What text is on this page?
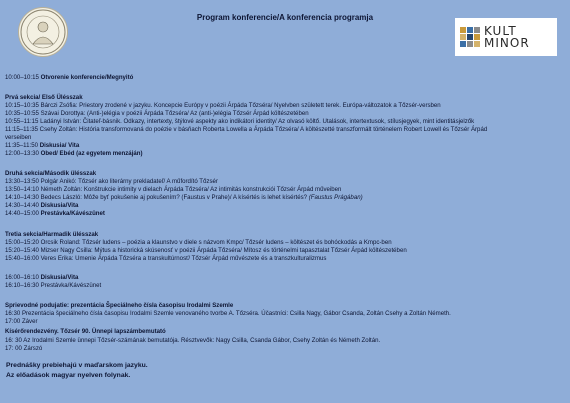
Program konferencie/A konferencia programja
KULT
MINOR
10:00–10:15 Otvorenie konferencie/Megnyitó
Prvá sekcia/ Első Ülésszak
10:15–10:35 Bárczi Zsófia: Priestory zrodené v jazyku. Koncepcie Európy v poézii Árpáda Tőzséra/ Nyelvben született terek. Európa-változatok a Tőzsér-versben
10:35–10:55 Szávai Dorottya: (Anti-)elégia v poézii Árpáda Tőzséra/ Az (anti-)elégia Tőzsér Árpád költészetében
10:55–11:15 Ladányi István: Čitateľ-básnik. Odkazy, intertexty, štýlové aspekty ako indikátori identity/ Az olvasó költő. Utalások, intertextusok, stílusjegyek, mint identitásjelzők
11:15–11:35 Csehy Zoltán: História transformovaná do poézie v básňach Roberta Lowella a Árpáda Tőzséra/ A költészetté transzformált történelem Robert Lowell és Tőzsér Árpád
verseiben
11:35–11:50 Diskusia/ Vita
12:00–13:30 Obed/ Ebéd (az egyetem menzáján)
Druhá sekcia/Második ülésszak
13:30–13:50 Polgár Anikó: Tőzsér ako literárny prekladateľ/ A műfordító Tőzsér
13:50–14:10 Németh Zoltán: Konštrukcie intimity v dielach Árpáda Tőzséra/ Az intimitás konstrukciói Tőzsér Árpád műveiben
14:10–14:30 Bedecs László: Môže byť pokušenie aj pokušením? (Faustus v Prahe)/ A kísértés is lehet kísértés? (Faustus Prágában)
14:30–14:40 Diskusia/Vita
14:40–15:00 Prestávka/Kávészünet
Tretia sekcia/Harmadik ülésszak
15:00–15:20 Orcsik Roland: Tőzsér ludens – poézia a klaunstvo v diele s názvom Kmpc/ Tőzsér ludens – költészet és bohóckodás a Kmpc-ben
15:20–15:40 Mizser Nagy Csilla: Mýtus a historická skúsenosť v poézii Árpáda Tőzséra/ Mítosz és történelmi tapasztalat Tőzsér Árpád költészetében
15:40–16:00 Veres Erika: Umenie Árpáda Tőzséra a transkultúrnosť/ Tőzsér Árpád művészete és a transzkulturalizmus
16:00–16:10 Diskusia/Vita
16:10–16:30 Prestávka/Kávészünet
Sprievodné podujatie: prezentácia Špeciálneho čísla časopisu Irodalmi Szemle
16:30 Prezentácia špeciálneho čísla časopisu Irodalmi Szemle venovaného tvorbe A. Tőzséra. Účastníci: Csilla Nagy, Gábor Csanda, Zoltán Csehy a Zoltán Németh.
17:00 Záver
Kísérőrendezvény. Tőzsér 90. Ünnepi lapszámbemutató
16: 30 Az Irodalmi Szemle ünnepi Tőzsér-számának bemutatója. Résztvevők: Nagy Csilla, Csanda Gábor, Csehy Zoltán és Németh Zoltán.
17: 00 Zárszó
Prednášky prebiehajú v maďarskom jazyku.
Az előadások magyar nyelven folynak.
